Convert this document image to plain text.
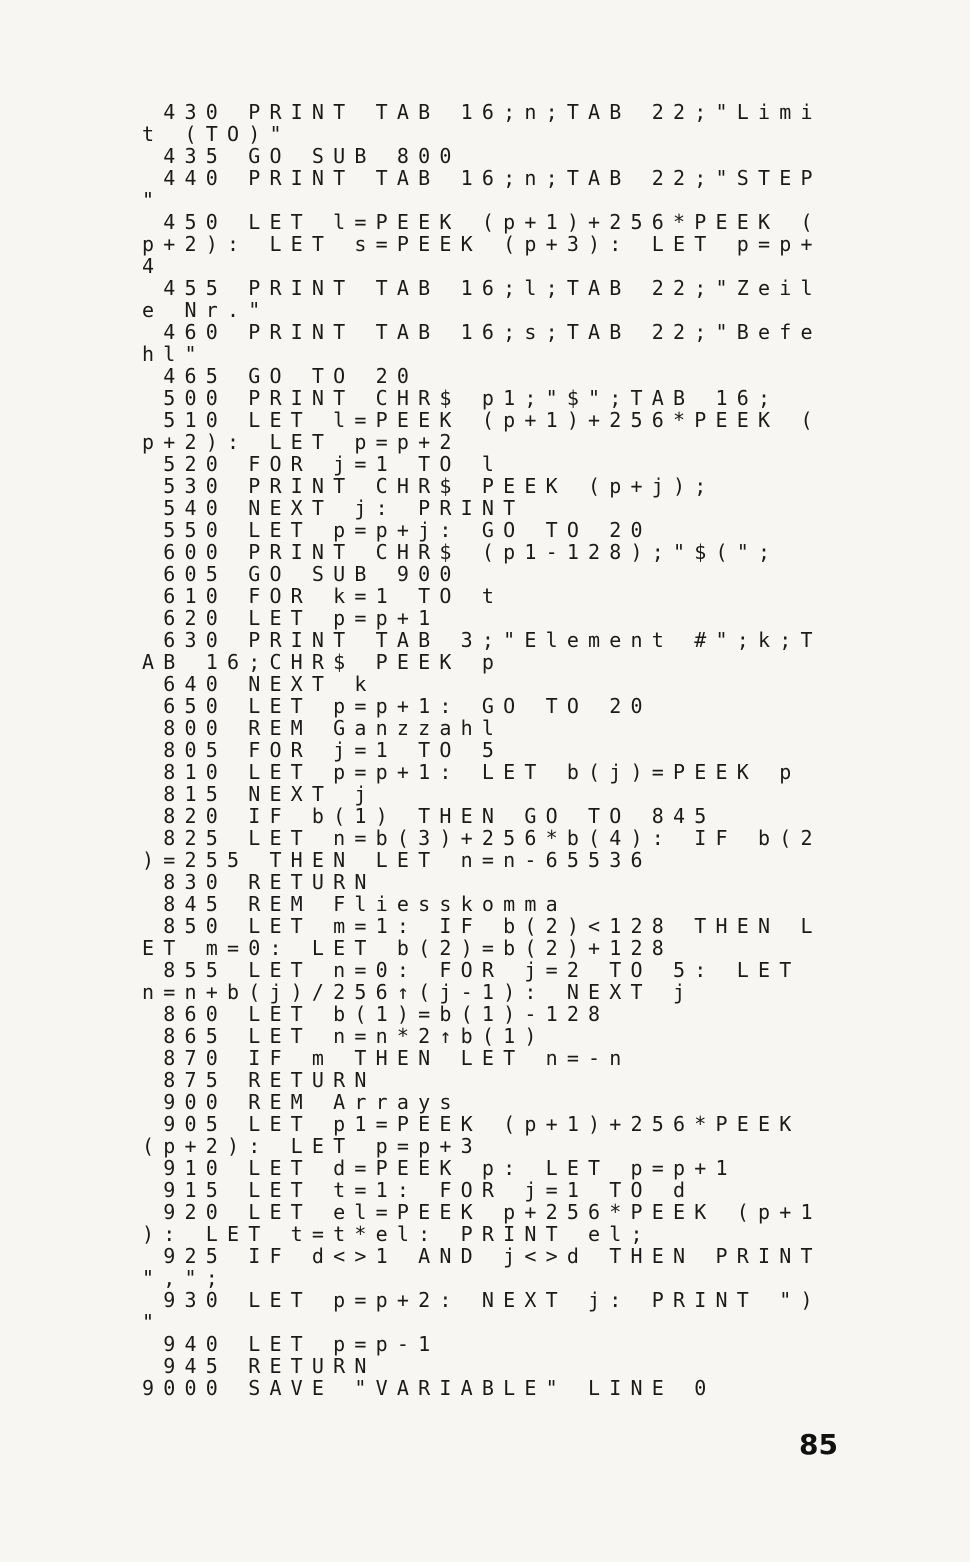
430 PRINT TAB 16;n;TAB 22;"Limi
t (TO)"
435 GO SUB 800
440 PRINT TAB 16;n;TAB 22;"STEP
"
450 LET l=PEEK (p+1)+256*PEEK (
p+2): LET s=PEEK (p+3): LET p=p+
4
455 PRINT TAB 16;l;TAB 22;"Zeil
e Nr."
460 PRINT TAB 16;s;TAB 22;"Befe
hl"
465 GO TO 20
500 PRINT CHR$ p1;"$";TAB 16;
510 LET l=PEEK (p+1)+256*PEEK (
p+2): LET p=p+2
520 FOR j=1 TO l
530 PRINT CHR$ PEEK (p+j);
540 NEXT j: PRINT
550 LET p=p+j: GO TO 20
600 PRINT CHR$ (p1-128);"$(";
605 GO SUB 900
610 FOR k=1 TO t
620 LET p=p+1
630 PRINT TAB 3;"Element #";k;T
AB 16;CHR$ PEEK p
640 NEXT k
650 LET p=p+1: GO TO 20
800 REM Ganzzahl
805 FOR j=1 TO 5
810 LET p=p+1: LET b(j)=PEEK p
815 NEXT j
820 IF b(1) THEN GO TO 845
825 LET n=b(3)+256*b(4): IF b(2
)=255 THEN LET n=n-65536
830 RETURN
845 REM Fliesskomma
850 LET m=1: IF b(2)<128 THEN L
ET m=0: LET b(2)=b(2)+128
855 LET n=0: FOR j=2 TO 5: LET
n=n+b(j)/256↑(j-1): NEXT j
860 LET b(1)=b(1)-128
865 LET n=n*2↑b(1)
870 IF m THEN LET n=-n
875 RETURN
900 REM Arrays
905 LET p1=PEEK (p+1)+256*PEEK
(p+2): LET p=p+3
910 LET d=PEEK p: LET p=p+1
915 LET t=1: FOR j=1 TO d
920 LET el=PEEK p+256*PEEK (p+1
): LET t=t*el: PRINT el;
925 IF d<>1 AND j<>d THEN PRINT
",";
930 LET p=p+2: NEXT j: PRINT ")
"
940 LET p=p-1
945 RETURN
9000 SAVE "VARIABLE" LINE 0
85
